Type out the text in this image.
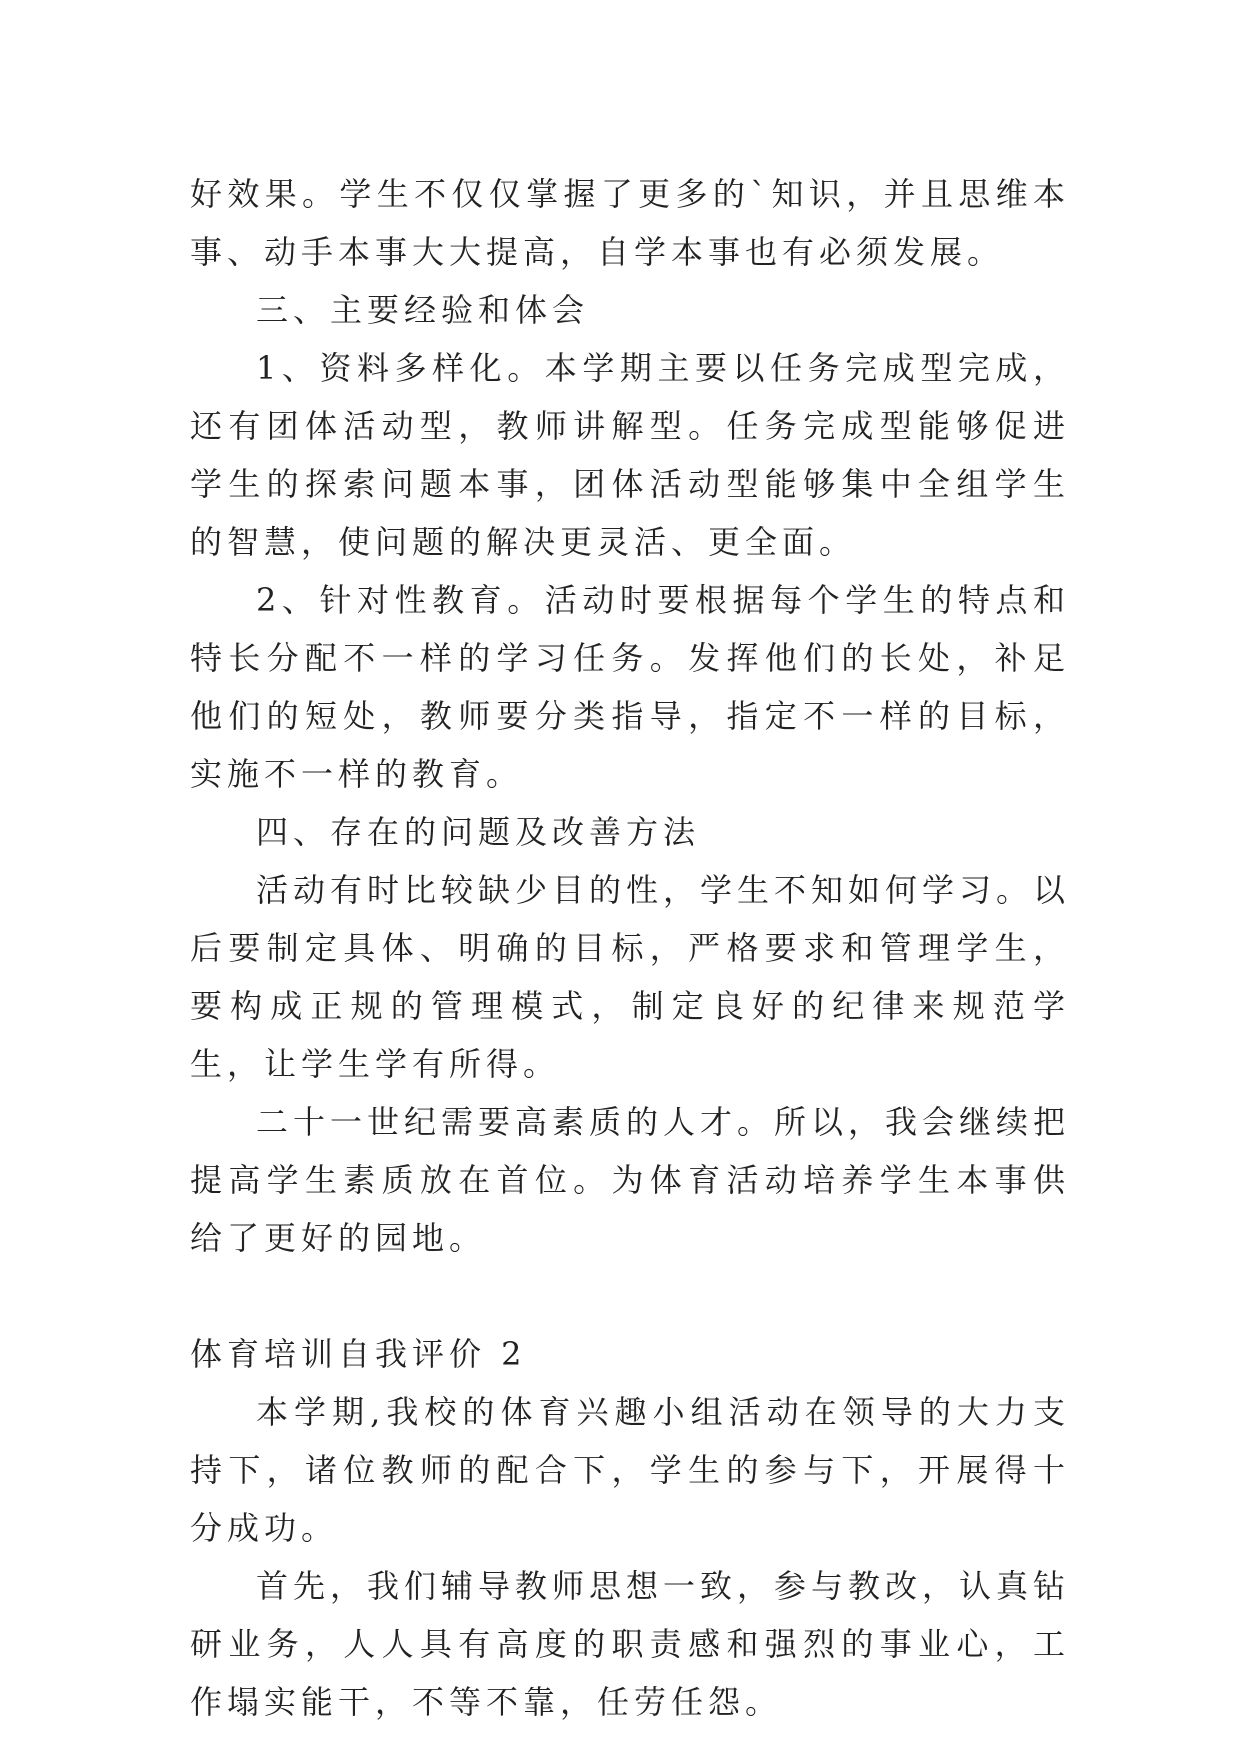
好效果。学生不仅仅掌握了更多的`知识，并且思维本事、动手本事大大提高，自学本事也有必须发展。

三、主要经验和体会

1、资料多样化。本学期主要以任务完成型完成，还有团体活动型，教师讲解型。任务完成型能够促进学生的探索问题本事，团体活动型能够集中全组学生的智慧，使问题的解决更灵活、更全面。

2、针对性教育。活动时要根据每个学生的特点和特长分配不一样的学习任务。发挥他们的长处，补足他们的短处，教师要分类指导，指定不一样的目标，实施不一样的教育。

四、存在的问题及改善方法

活动有时比较缺少目的性，学生不知如何学习。以后要制定具体、明确的目标，严格要求和管理学生，要构成正规的管理模式，制定良好的纪律来规范学生，让学生学有所得。

二十一世纪需要高素质的人才。所以，我会继续把提高学生素质放在首位。为体育活动培养学生本事供给了更好的园地。

体育培训自我评价 2

本学期,我校的体育兴趣小组活动在领导的大力支持下，诸位教师的配合下，学生的参与下，开展得十分成功。

首先，我们辅导教师思想一致，参与教改，认真钻研业务，人人具有高度的职责感和强烈的事业心，工作塌实能干，不等不靠，任劳任怨。
